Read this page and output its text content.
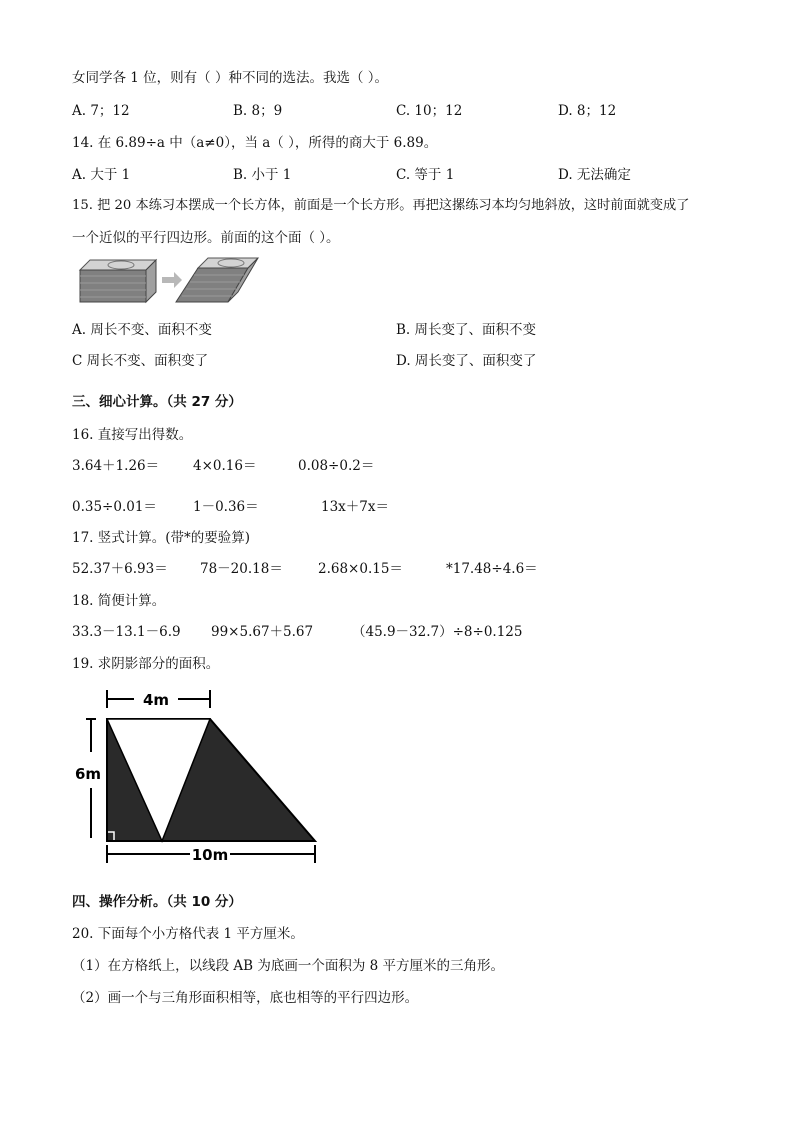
女同学各 1 位，则有（ ）种不同的选法。我选（ ）。
A. 7；12	B. 8；9	C. 10；12	D. 8；12
14. 在 6.89÷a 中（a≠0），当 a（ ），所得的商大于 6.89。
A. 大于 1	B. 小于 1	C. 等于 1	D. 无法确定
15. 把 20 本练习本摆成一个长方体，前面是一个长方形。再把这摞练习本均匀地斜放，这时前面就变成了
一个近似的平行四边形。前面的这个面（ ）。
A. 周长不变、面积不变	B. 周长变了、面积不变
C 周长不变、面积变了	D. 周长变了、面积变了
三、细心计算。（共 27 分）
16. 直接写出得数。
3.64＋1.26＝	4×0.16＝	0.08÷0.2＝
0.35÷0.01＝	1－0.36＝	13x＋7x＝
17. 竖式计算。(带*的要验算)
52.37＋6.93＝ 78－20.18＝	2.68×0.15＝	*17.48÷4.6＝
18. 简便计算。
33.3－13.1－6.9 99×5.67＋5.67	（45.9－32.7）÷8÷0.125
19. 求阴影部分的面积。
4m
6m
10m
四、操作分析。（共 10 分）
20. 下面每个小方格代表 1 平方厘米。
（1）在方格纸上，以线段 AB 为底画一个面积为 8 平方厘米的三角形。
（2）画一个与三角形面积相等，底也相等的平行四边形。
